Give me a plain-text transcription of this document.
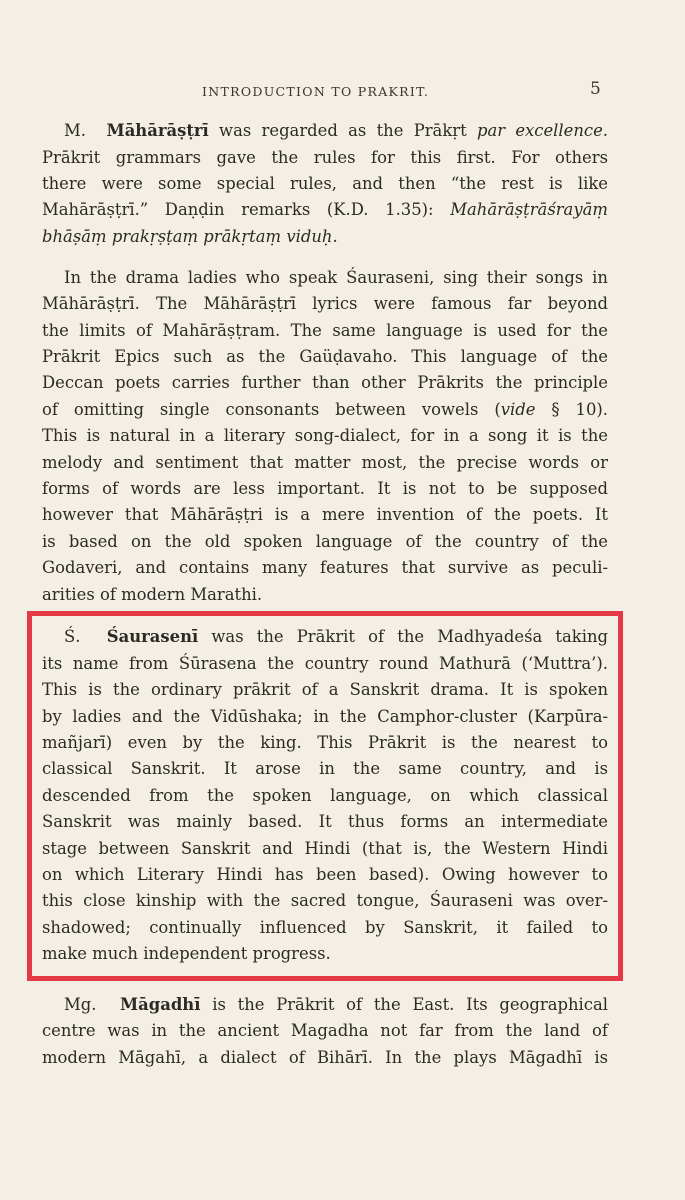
INTRODUCTION TO PRAKRIT.	5
M. Māhārāṣṭrī was regarded as the Prākṛt par excellence.
Prākrit grammars gave the rules for this first. For others
there were some special rules, and then “the rest is like
Mahārāṣṭrī.” Daṇḍin remarks (K.D. 1.35): Mahārāṣṭrāśrayāṃ
bhāṣāṃ prakṛṣṭaṃ prākṛtaṃ viduḥ.
In the drama ladies who speak Śauraseni, sing their songs in
Māhārāṣṭrī. The Māhārāṣṭrī lyrics were famous far beyond
the limits of Mahārāṣṭram. The same language is used for the
Prākrit Epics such as the Gaüḍavaho. This language of the
Deccan poets carries further than other Prākrits the principle
of omitting single consonants between vowels (vide § 10).
This is natural in a literary song-dialect, for in a song it is the
melody and sentiment that matter most, the precise words or
forms of words are less important. It is not to be supposed
however that Māhārāṣṭri is a mere invention of the poets. It
is based on the old spoken language of the country of the
Godaveri, and contains many features that survive as peculi-
arities of modern Marathi.
Ś. Śaurasenī was the Prākrit of the Madhyadeśa taking
its name from Śūrasena the country round Mathurā (‘Muttra’).
This is the ordinary prākrit of a Sanskrit drama. It is spoken
by ladies and the Vidūshaka; in the Camphor-cluster (Karpūra-
mañjarī) even by the king. This Prākrit is the nearest to
classical Sanskrit. It arose in the same country, and is
descended from the spoken language, on which classical
Sanskrit was mainly based. It thus forms an intermediate
stage between Sanskrit and Hindi (that is, the Western Hindi
on which Literary Hindi has been based). Owing however to
this close kinship with the sacred tongue, Śauraseni was over-
shadowed; continually influenced by Sanskrit, it failed to
make much independent progress.
Mg. Māgadhī is the Prākrit of the East. Its geographical
centre was in the ancient Magadha not far from the land of
modern Māgahī, a dialect of Bihārī. In the plays Māgadhī is
